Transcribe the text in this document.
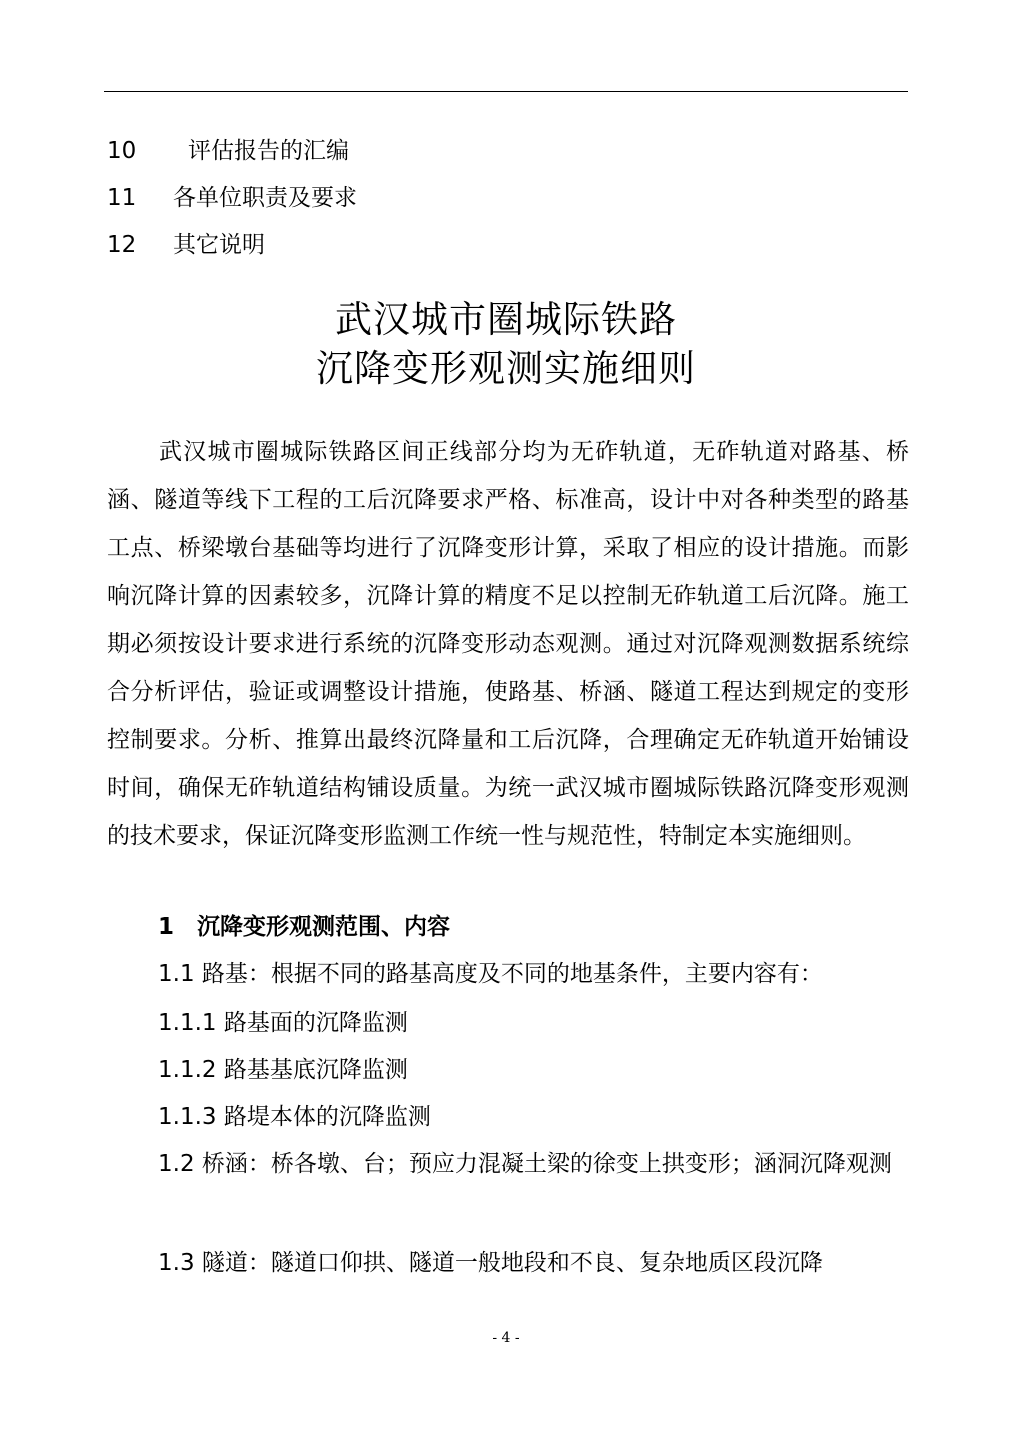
10 评估报告的汇编
11 各单位职责及要求
12 其它说明
武汉城市圈城际铁路
沉降变形观测实施细则

武汉城市圈城际铁路区间正线部分均为无砟轨道，无砟轨道对路基、桥涵、隧道等线下工程的工后沉降要求严格、标准高，设计中对各种类型的路基工点、桥梁墩台基础等均进行了沉降变形计算，采取了相应的设计措施。而影响沉降计算的因素较多，沉降计算的精度不足以控制无砟轨道工后沉降。施工期必须按设计要求进行系统的沉降变形动态观测。通过对沉降观测数据系统综合分析评估，验证或调整设计措施，使路基、桥涵、隧道工程达到规定的变形控制要求。分析、推算出最终沉降量和工后沉降，合理确定无砟轨道开始铺设时间，确保无砟轨道结构铺设质量。为统一武汉城市圈城际铁路沉降变形观测的技术要求，保证沉降变形监测工作统一性与规范性，特制定本实施细则。

1　沉降变形观测范围、内容
1.1 路基：根据不同的路基高度及不同的地基条件，主要内容有：
1.1.1 路基面的沉降监测
1.1.2 路基基底沉降监测
1.1.3 路堤本体的沉降监测

1.2 桥涵：桥各墩、台；预应力混凝土梁的徐变上拱变形；涵洞沉降观测

1.3 隧道：隧道口仰拱、隧道一般地段和不良、复杂地质区段沉降
- 4 -
